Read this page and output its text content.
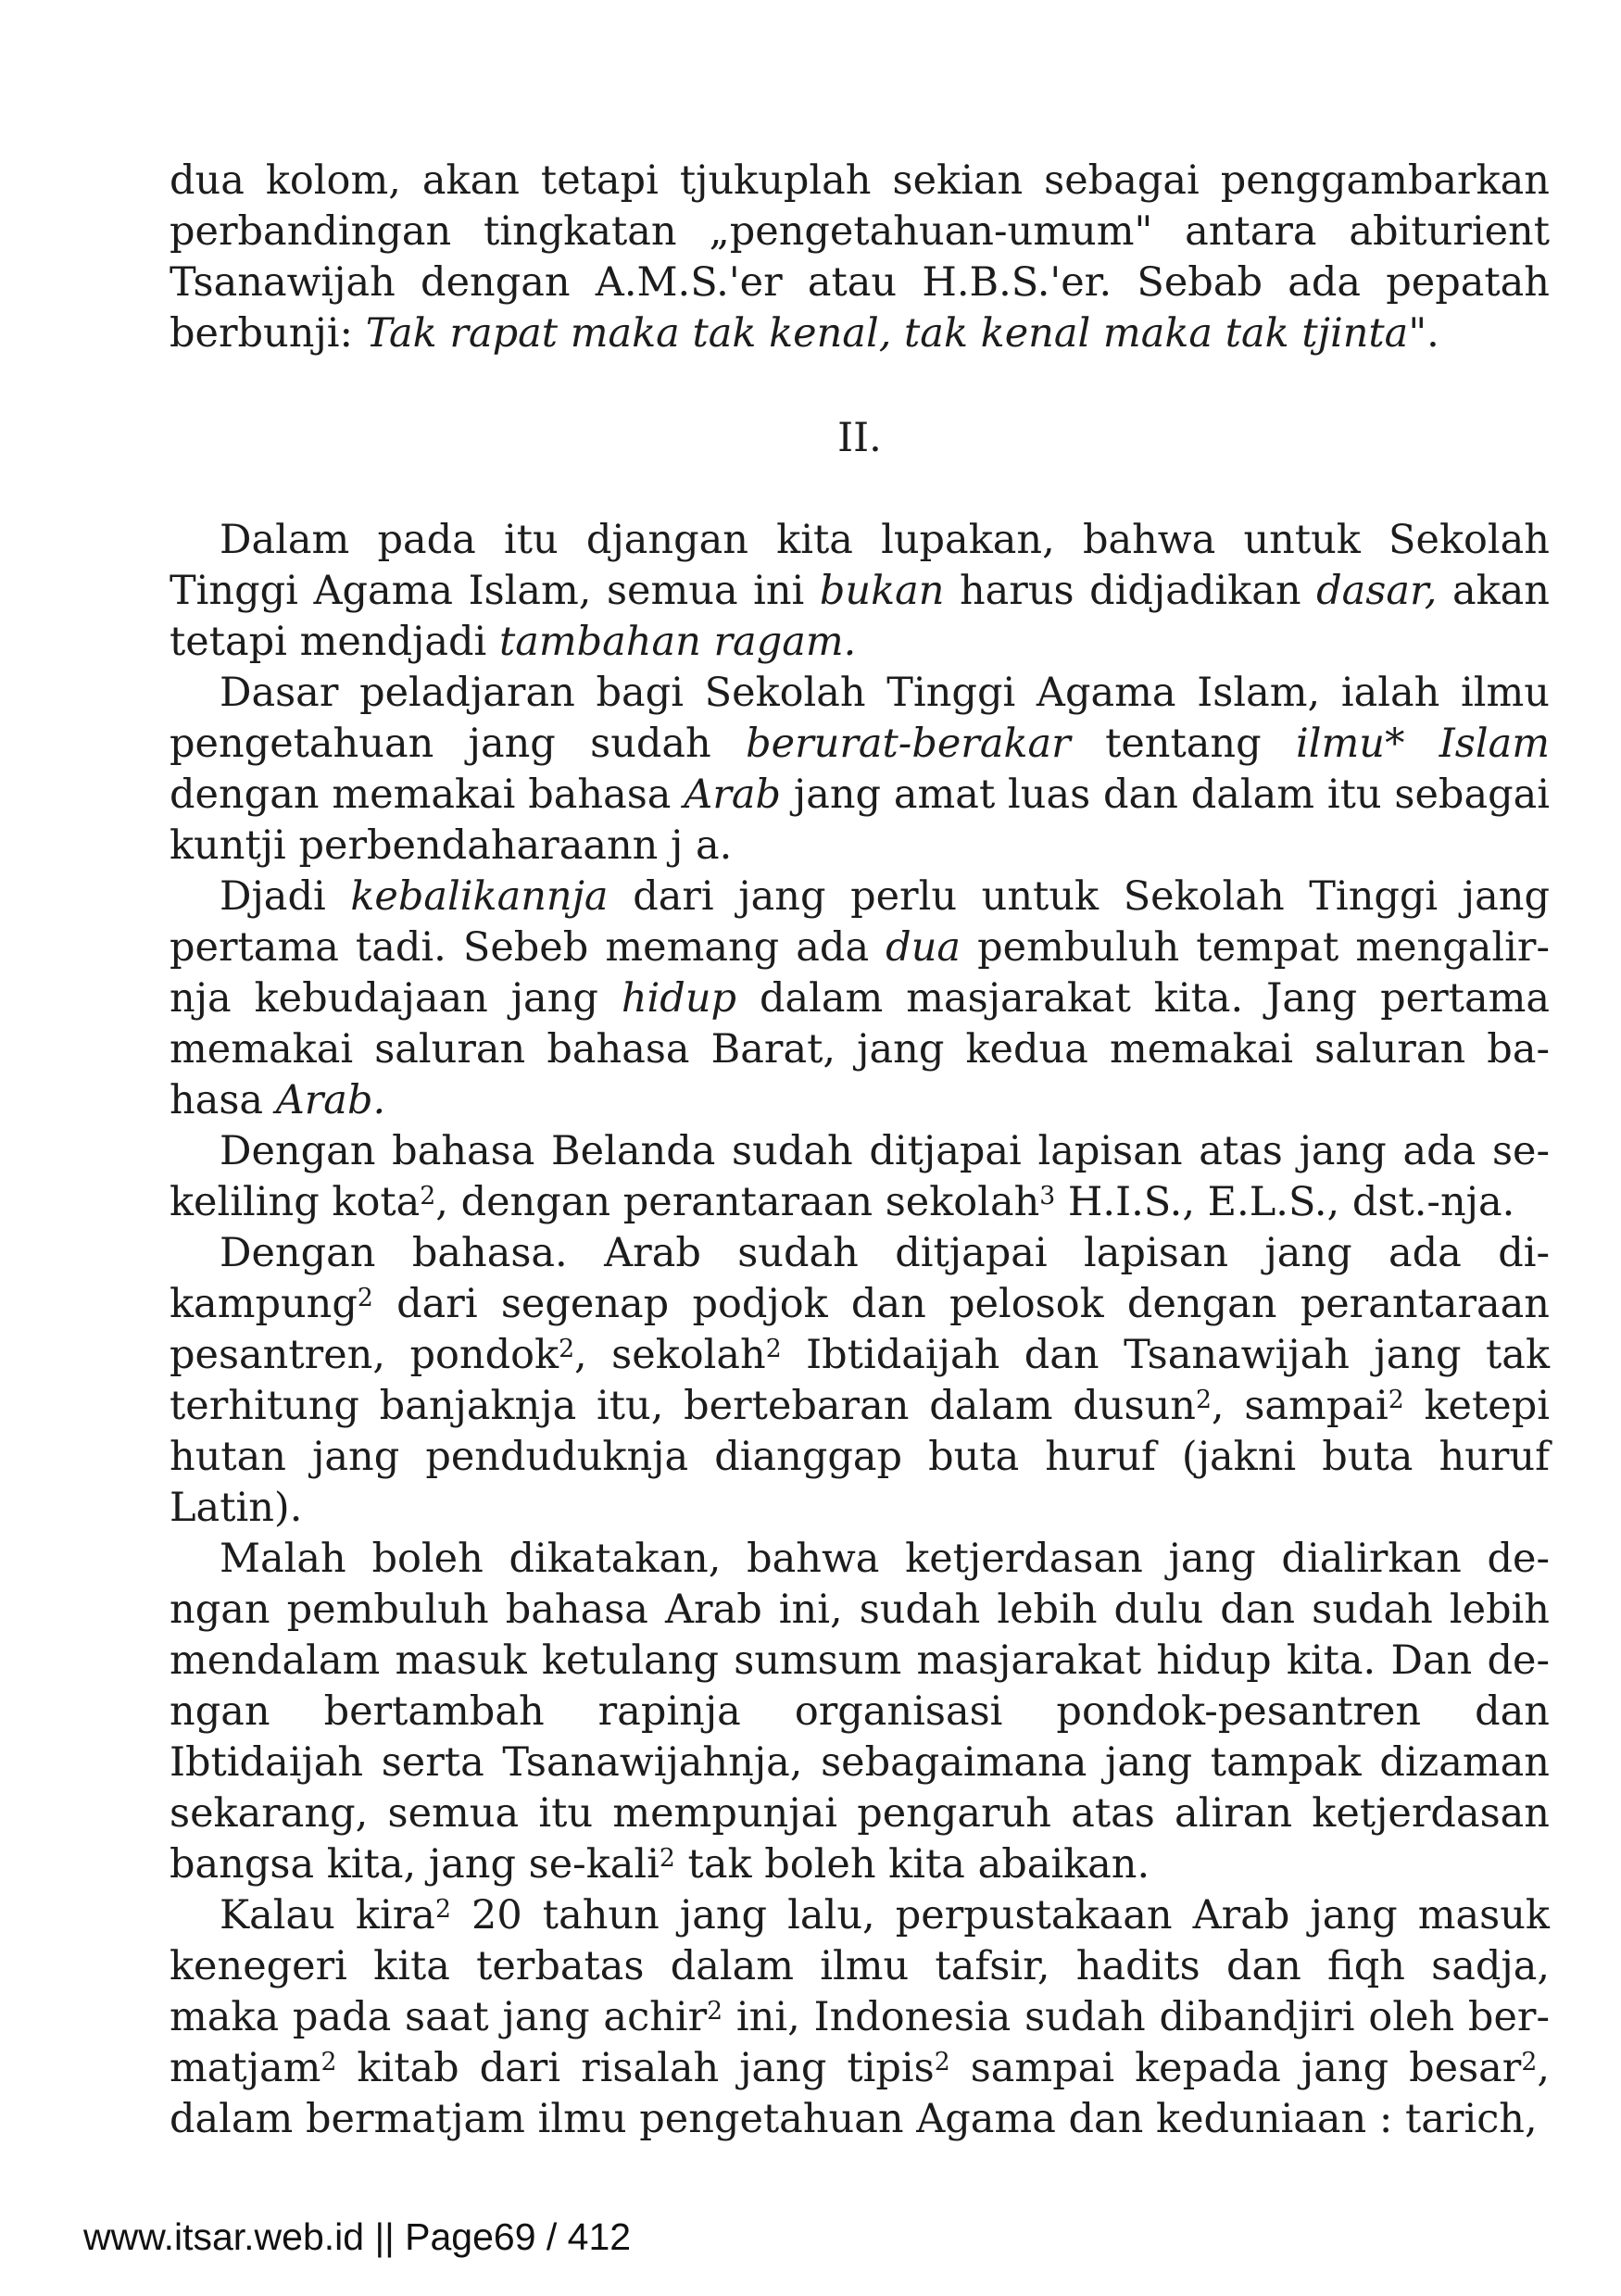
dua kolom, akan tetapi tjukuplah sekian sebagai penggambarkan perbandingan tingkatan „pengetahuan-umum" antara abiturient Tsanawijah dengan A.M.S.'er atau H.B.S.'er. Sebab ada pepatah berbunji: Tak rapat maka tak kenal, tak kenal maka tak tjinta".

II.

Dalam pada itu djangan kita lupakan, bahwa untuk Sekolah Tinggi Agama Islam, semua ini bukan harus didjadikan dasar, akan tetapi mendjadi tambahan ragam.

Dasar peladjaran bagi Sekolah Tinggi Agama Islam, ialah ilmu pengetahuan jang sudah berurat-berakar tentang ilmu* Islam dengan memakai bahasa Arab jang amat luas dan dalam itu sebagai kuntji perbendaharaann j a.

Djadi kebalikannja dari jang perlu untuk Sekolah Tinggi jang pertama tadi. Sebeb memang ada dua pembuluh tempat mengalir-nja kebudajaan jang hidup dalam masjarakat kita. Jang pertama memakai saluran bahasa Barat, jang kedua memakai saluran ba-hasa Arab.

Dengan bahasa Belanda sudah ditjapai lapisan atas jang ada se-keliling kota$^2$, dengan perantaraan sekolah$^3$ H.I.S., E.L.S., dst.-nja.

Dengan bahasa. Arab sudah ditjapai lapisan jang ada di-kampung$^2$ dari segenap podjok dan pelosok dengan perantaraan pesantren, pondok$^2$, sekolah$^2$ Ibtidaijah dan Tsanawijah jang tak terhitung banjaknja itu, bertebaran dalam dusun$^2$, sampai$^2$ ketepi hutan jang penduduknja dianggap buta huruf (jakni buta huruf Latin).

Malah boleh dikatakan, bahwa ketjerdasan jang dialirkan de-ngan pembuluh bahasa Arab ini, sudah lebih dulu dan sudah lebih mendalam masuk ketulang sumsum masjarakat hidup kita. Dan de-ngan bertambah rapinja organisasi pondok-pesantren dan Ibtidaijah serta Tsanawijahnja, sebagaimana jang tampak dizaman sekarang, semua itu mempunjai pengaruh atas aliran ketjerdasan bangsa kita, jang se-kali$^2$ tak boleh kita abaikan.

Kalau kira$^2$ 20 tahun jang lalu, perpustakaan Arab jang masuk kenegeri kita terbatas dalam ilmu tafsir, hadits dan fiqh sadja, maka pada saat jang achir$^2$ ini, Indonesia sudah dibandjiri oleh ber-matjam$^2$ kitab dari risalah jang tipis$^2$ sampai kepada jang besar$^2$, dalam bermatjam ilmu pengetahuan Agama dan keduniaan : tarich,

www.itsar.web.id || Page69 / 412
